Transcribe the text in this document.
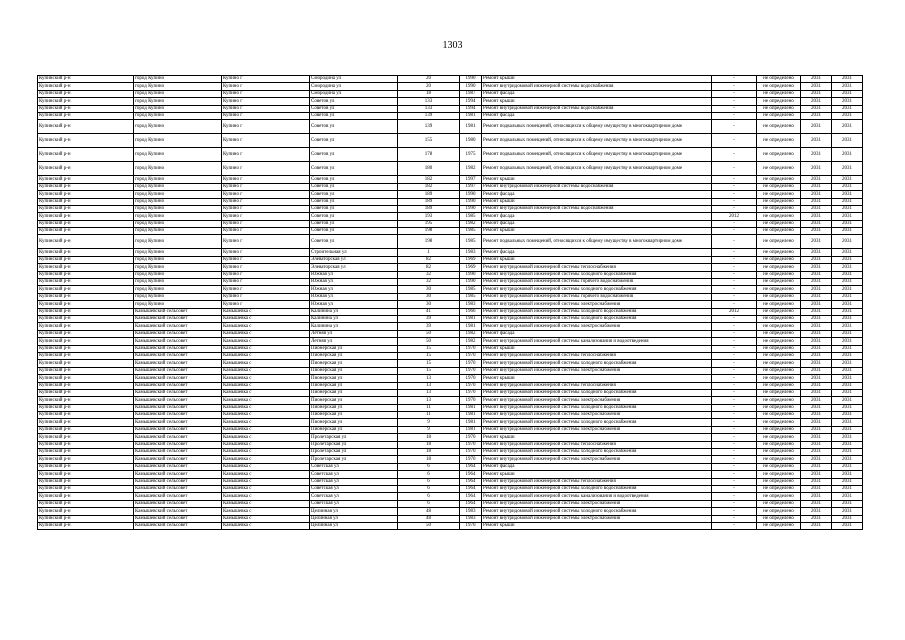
1303
Купинский р-н	город Купино	Купино г	Смородина ул	20	1990	Ремонт крыши	-	не определено	2031	2031
Купинский р-н	город Купино	Купино г	Смородина ул	20	1990	Ремонт внутридомовой инженерной системы водоснабжения	-	не определено	2031	2031
Купинский р-н	город Купино	Купино г	Смородина ул	18	1987	Ремонт фасада	-	не определено	2031	2031
Купинский р-н	город Купино	Купино г	Советов ул	133	1994	Ремонт крыши	-	не определено	2031	2031
Купинский р-н	город Купино	Купино г	Советов ул	133	1994	Ремонт внутридомовой инженерной системы водоснабжения	-	не определено	2031	2031
Купинский р-н	город Купино	Купино г	Советов ул	139	1981	Ремонт фасада	-	не определено	2031	2031
Купинский р-н	город Купино	Купино г	Советов ул	139	1981	Ремонт подвальных помещений, относящихся к общему имуществу в многоквартирном доме	-	не определено	2031	2031
Купинский р-н	город Купино	Купино г	Советов ул	155	1980	Ремонт подвальных помещений, относящихся к общему имуществу в многоквартирном доме	-	не определено	2031	2031
Купинский р-н	город Купино	Купино г	Советов ул	178	1975	Ремонт подвальных помещений, относящихся к общему имуществу в многоквартирном доме	-	не определено	2031	2031
Купинский р-н	город Купино	Купино г	Советов ул	180	1982	Ремонт подвальных помещений, относящихся к общему имуществу в многоквартирном доме	-	не определено	2031	2031
Купинский р-н	город Купино	Купино г	Советов ул	182	1997	Ремонт крыши	-	не определено	2031	2031
Купинский р-н	город Купино	Купино г	Советов ул	182	1997	Ремонт внутридомовой инженерной системы водоснабжения	-	не определено	2031	2031
Купинский р-н	город Купино	Купино г	Советов ул	189	1990	Ремонт фасада	-	не определено	2031	2031
Купинский р-н	город Купино	Купино г	Советов ул	189	1990	Ремонт крыши	-	не определено	2031	2031
Купинский р-н	город Купино	Купино г	Советов ул	189	1990	Ремонт внутридомовой инженерной системы водоснабжения	-	не определено	2031	2031
Купинский р-н	город Купино	Купино г	Советов ул	193	1985	Ремонт фасада	2012	не определено	2031	2031
Купинский р-н	город Купино	Купино г	Советов ул	195	1982	Ремонт фасада	-	не определено	2031	2031
Купинский р-н	город Купино	Купино г	Советов ул	198	1985	Ремонт крыши	-	не определено	2031	2031
Купинский р-н	город Купино	Купино г	Советов ул	198	1985	Ремонт подвальных помещений, относящихся к общему имуществу в многоквартирном доме	-	не определено	2031	2031
Купинский р-н	город Купино	Купино г	Строительная ул	1	1983	Ремонт фасада	-	не определено	2031	2031
Купинский р-н	город Купино	Купино г	Элеваторская ул	82	1969	Ремонт крыши	-	не определено	2031	2031
Купинский р-н	город Купино	Купино г	Элеваторская ул	82	1969	Ремонт внутридомовой инженерной системы теплоснабжения	-	не определено	2031	2031
Купинский р-н	город Купино	Купино г	Южная ул	32	1990	Ремонт внутридомовой инженерной системы холодного водоснабжения	-	не определено	2031	2031
Купинский р-н	город Купино	Купино г	Южная ул	32	1990	Ремонт внутридомовой инженерной системы горячего водоснабжения	-	не определено	2031	2031
Купинский р-н	город Купино	Купино г	Южная ул	30	1985	Ремонт внутридомовой инженерной системы холодного водоснабжения	-	не определено	2031	2031
Купинский р-н	город Купино	Купино г	Южная ул	30	1985	Ремонт внутридомовой инженерной системы горячего водоснабжения	-	не определено	2031	2031
Купинский р-н	город Купино	Купино г	Южная ул	30	1983	Ремонт внутридомовой инженерной системы электроснабжения	-	не определено	2031	2031
Купинский р-н	Камышевский сельсовет	Камышевка с	Калинина ул	41	1966	Ремонт внутридомовой инженерной системы холодного водоснабжения	2012	не определено	2031	2031
Купинский р-н	Камышевский сельсовет	Камышевка с	Калинина ул	39	1981	Ремонт внутридомовой инженерной системы холодного водоснабжения	-	не определено	2031	2031
Купинский р-н	Камышевский сельсовет	Камышевка с	Калинина ул	39	1981	Ремонт внутридомовой инженерной системы электроснабжения	-	не определено	2031	2031
Купинский р-н	Камышевский сельсовет	Камышевка с	Летняя ул	50	1982	Ремонт фасада	-	не определено	2031	2031
Купинский р-н	Камышевский сельсовет	Камышевка с	Летняя ул	50	1982	Ремонт внутридомовой инженерной системы канализования и водоотведения	-	не определено	2031	2031
Купинский р-н	Камышевский сельсовет	Камышевка с	Пионерская ул	15	1970	Ремонт крыши	-	не определено	2031	2031
Купинский р-н	Камышевский сельсовет	Камышевка с	Пионерская ул	15	1970	Ремонт внутридомовой инженерной системы теплоснабжения	-	не определено	2031	2031
Купинский р-н	Камышевский сельсовет	Камышевка с	Пионерская ул	15	1970	Ремонт внутридомовой инженерной системы холодного водоснабжения	-	не определено	2031	2031
Купинский р-н	Камышевский сельсовет	Камышевка с	Пионерская ул	15	1970	Ремонт внутридомовой инженерной системы электроснабжения	-	не определено	2031	2031
Купинский р-н	Камышевский сельсовет	Камышевка с	Пионерская ул	13	1970	Ремонт крыши	-	не определено	2031	2031
Купинский р-н	Камышевский сельсовет	Камышевка с	Пионерская ул	13	1970	Ремонт внутридомовой инженерной системы теплоснабжения	-	не определено	2031	2031
Купинский р-н	Камышевский сельсовет	Камышевка с	Пионерская ул	13	1970	Ремонт внутридомовой инженерной системы холодного водоснабжения	-	не определено	2031	2031
Купинский р-н	Камышевский сельсовет	Камышевка с	Пионерская ул	13	1970	Ремонт внутридомовой инженерной системы электроснабжения	-	не определено	2031	2031
Купинский р-н	Камышевский сельсовет	Камышевка с	Пионерская ул	11	1981	Ремонт внутридомовой инженерной системы холодного водоснабжения	-	не определено	2031	2031
Купинский р-н	Камышевский сельсовет	Камышевка с	Пионерская ул	11	1981	Ремонт внутридомовой инженерной системы электроснабжения	-	не определено	2031	2031
Купинский р-н	Камышевский сельсовет	Камышевка с	Пионерская ул	9	1981	Ремонт внутридомовой инженерной системы холодного водоснабжения	-	не определено	2031	2031
Купинский р-н	Камышевский сельсовет	Камышевка с	Пионерская ул	9	1981	Ремонт внутридомовой инженерной системы электроснабжения	-	не определено	2031	2031
Купинский р-н	Камышевский сельсовет	Камышевка с	Пролетарская ул	18	1970	Ремонт крыши	-	не определено	2031	2031
Купинский р-н	Камышевский сельсовет	Камышевка с	Пролетарская ул	18	1970	Ремонт внутридомовой инженерной системы теплоснабжения	-	не определено	2031	2031
Купинский р-н	Камышевский сельсовет	Камышевка с	Пролетарская ул	18	1970	Ремонт внутридомовой инженерной системы холодного водоснабжения	-	не определено	2031	2031
Купинский р-н	Камышевский сельсовет	Камышевка с	Пролетарская ул	18	1970	Ремонт внутридомовой инженерной системы электроснабжения	-	не определено	2031	2031
Купинский р-н	Камышевский сельсовет	Камышевка с	Советская ул	6	1964	Ремонт фасада	-	не определено	2031	2031
Купинский р-н	Камышевский сельсовет	Камышевка с	Советская ул	6	1964	Ремонт крыши	-	не определено	2031	2031
Купинский р-н	Камышевский сельсовет	Камышевка с	Советская ул	6	1964	Ремонт внутридомовой инженерной системы теплоснабжения	-	не определено	2031	2031
Купинский р-н	Камышевский сельсовет	Камышевка с	Советская ул	6	1964	Ремонт внутридомовой инженерной системы холодного водоснабжения	-	не определено	2031	2031
Купинский р-н	Камышевский сельсовет	Камышевка с	Советская ул	6	1964	Ремонт внутридомовой инженерной системы канализования и водоотведения	-	не определено	2031	2031
Купинский р-н	Камышевский сельсовет	Камышевка с	Советская ул	6	1964	Ремонт внутридомовой инженерной системы электроснабжения	-	не определено	2031	2031
Купинский р-н	Камышевский сельсовет	Камышевка с	Целинная ул	48	1983	Ремонт внутридомовой инженерной системы холодного водоснабжения	-	не определено	2031	2031
Купинский р-н	Камышевский сельсовет	Камышевка с	Целинная ул	48	1983	Ремонт внутридомовой инженерной системы электроснабжения	-	не определено	2031	2031
Купинский р-н	Камышевский сельсовет	Камышевка с	Целинная ул	50	1970	Ремонт крыши	-	не определено	2031	2031
